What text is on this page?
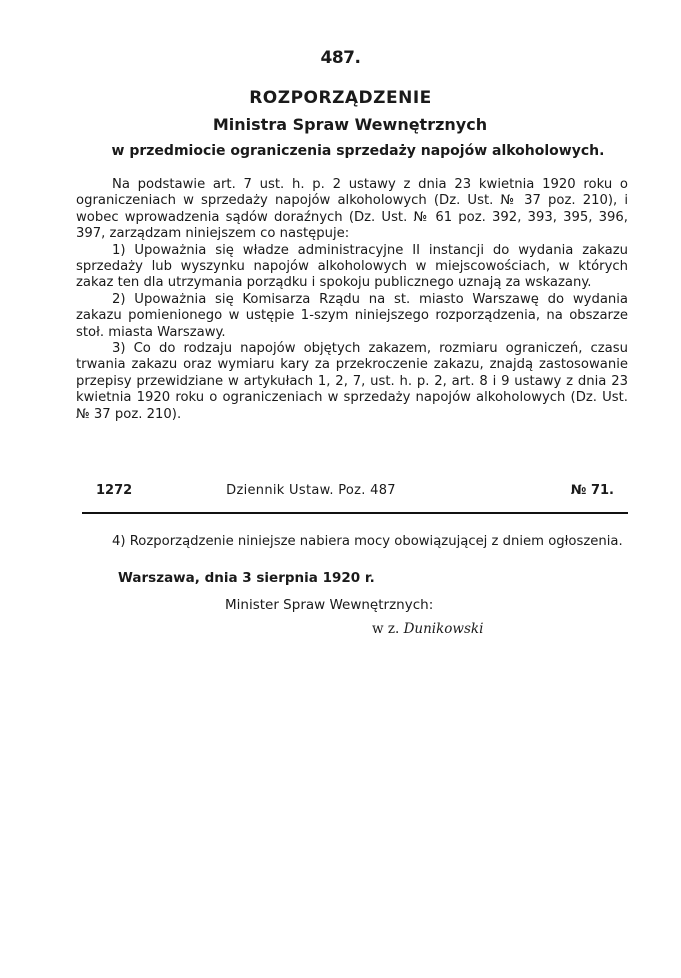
487.
ROZPORZĄDZENIE
Ministra Spraw Wewnętrznych
w przedmiocie ograniczenia sprzedaży napojów alkoholowych.

Na podstawie art. 7 ust. h. p. 2 ustawy z dnia 23 kwietnia 1920 roku o ograniczeniach w sprzedaży napojów alkoholowych (Dz. Ust. № 37 poz. 210), i wobec wprowadzenia sądów doraźnych (Dz. Ust. № 61 poz. 392, 393, 395, 396, 397, zarządzam niniejszem co następuje:

1) Upoważnia się władze administracyjne II instancji do wydania zakazu sprzedaży lub wyszynku napojów alkoholowych w miejscowościach, w których zakaz ten dla utrzymania porządku i spokoju publicznego uznają za wskazany.

2) Upoważnia się Komisarza Rządu na st. miasto Warszawę do wydania zakazu pomienionego w ustępie 1-szym niniejszego rozporządzenia, na obszarze stoł. miasta Warszawy.

3) Co do rodzaju napojów objętych zakazem, rozmiaru ograniczeń, czasu trwania zakazu oraz wymiaru kary za przekroczenie zakazu, znajdą zastosowanie przepisy przewidziane w artykułach 1, 2, 7, ust. h. p. 2, art. 8 i 9 ustawy z dnia 23 kwietnia 1920 roku o ograniczeniach w sprzedaży napojów alkoholowych (Dz. Ust. № 37 poz. 210).

1272	Dziennik Ustaw. Poz. 487	№ 71.

4) Rozporządzenie niniejsze nabiera mocy obowiązującej z dniem ogłoszenia.

Warszawa, dnia 3 sierpnia 1920 r.
Minister Spraw Wewnętrznych:
w z. Dunikowski
